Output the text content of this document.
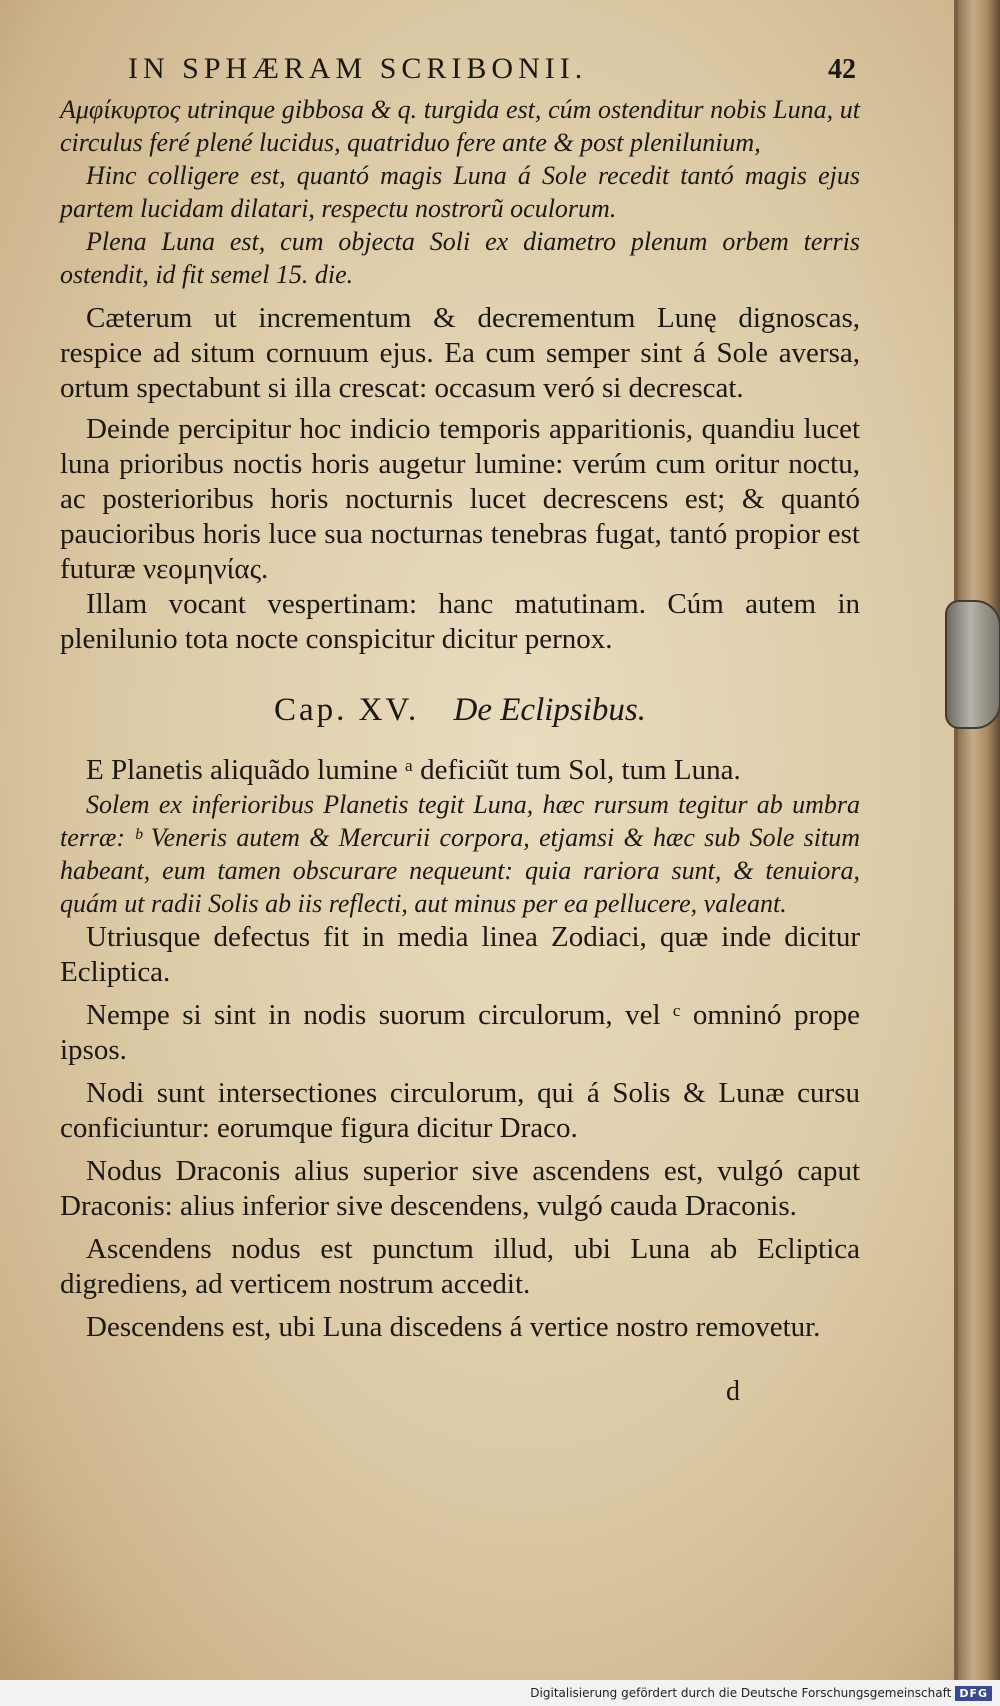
IN SPHÆRAM SCRIBONII.	42

Αμφίκυρτος utrinque gibbosa & q. turgida est, cúm ostenditur nobis Luna, ut circulus feré plené lucidus, quatriduo fere ante & post plenilunium,

Hinc colligere est, quantó magis Luna á Sole recedit tantó magis ejus partem lucidam dilatari, respectu nostrorũ oculorum.

Plena Luna est, cum objecta Soli ex diametro plenum orbem terris ostendit, id fit semel 15. die.

Cæterum ut incrementum & decrementum Lunę dignoscas, respice ad situm cornuum ejus. Ea cum semper sint á Sole aversa, ortum spectabunt si illa crescat: occasum veró si decrescat.

Deinde percipitur hoc indicio temporis apparitionis, quandiu lucet luna prioribus noctis horis augetur lumine: verúm cum oritur noctu, ac posterioribus horis nocturnis lucet decrescens est; & quantó paucioribus horis luce sua nocturnas tenebras fugat, tantó propior est futuræ νεομηνίας.

Illam vocant vespertinam: hanc matutinam. Cúm autem in plenilunio tota nocte conspicitur dicitur pernox.

Cap. XV. De Eclipsibus.

E Planetis aliquãdo lumine ᵃ deficiũt tum Sol, tum Luna.

Solem ex inferioribus Planetis tegit Luna, hæc rursum tegitur ab umbra terræ: ᵇ Veneris autem & Mercurii corpora, etjamsi & hæc sub Sole situm habeant, eum tamen obscurare nequeunt: quia rariora sunt, & tenuiora, quám ut radii Solis ab iis reflecti, aut minus per ea pellucere, valeant.

Utriusque defectus fit in media linea Zodiaci, quæ inde dicitur Ecliptica.

Nempe si sint in nodis suorum circulorum, vel ᶜ omninó prope ipsos.

Nodi sunt intersectiones circulorum, qui á Solis & Lunæ cursu conficiuntur: eorumque figura dicitur Draco.

Nodus Draconis alius superior sive ascendens est, vulgó caput Draconis: alius inferior sive descendens, vulgó cauda Draconis.

Ascendens nodus est punctum illud, ubi Luna ab Ecliptica digrediens, ad verticem nostrum accedit.

Descendens est, ubi Luna discedens á vertice nostro removetur.

d
Digitalisierung gefördert durch die Deutsche Forschungsgemeinschaft DFG
